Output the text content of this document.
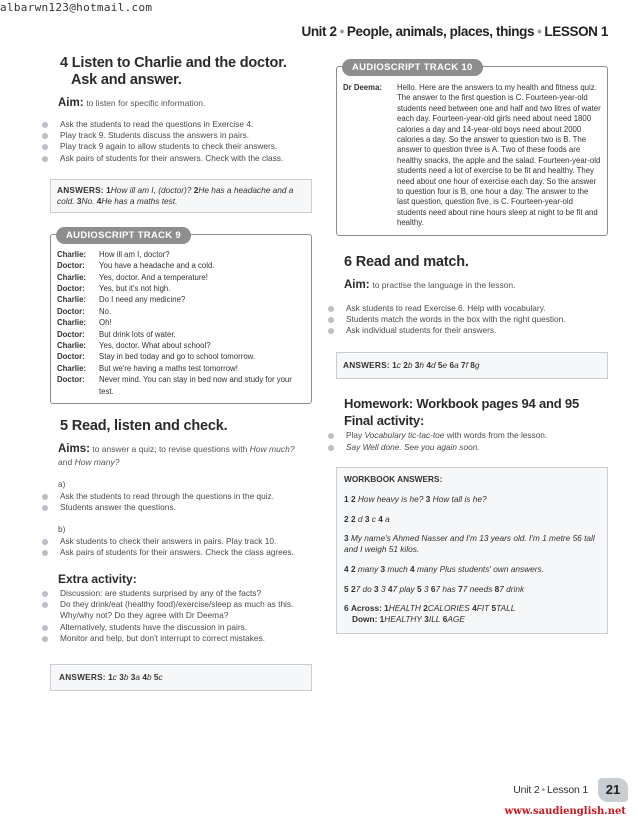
albarwn123@hotmail.com
Unit 2 • People, animals, places, things • LESSON 1
4 Listen to Charlie and the doctor.
Ask and answer.
Aim: to listen for specific information.
Ask the students to read the questions in Exercise 4.
Play track 9. Students discuss the answers in pairs.
Play track 9 again to allow students to check their answers.
Ask pairs of students for their answers. Check with the class.
ANSWERS: 1How ill am I, (doctor)? 2He has a headache and a cold. 3No. 4He has a maths test.
AUDIOSCRIPT TRACK 9
Charlie:	How ill am I, doctor?
Doctor:	You have a headache and a cold.
Charlie:	Yes, doctor. And a temperature!
Doctor:	Yes, but it's not high.
Charlie:	Do I need any medicine?
Doctor:	No.
Charlie:	Oh!
Doctor:	But drink lots of water.
Charlie:	Yes, doctor. What about school?
Doctor:	Stay in bed today and go to school tomorrow.
Charlie:	But we're having a maths test tomorrow!
Doctor:	Never mind. You can stay in bed now and study for your test.
5 Read, listen and check.
Aims: to answer a quiz; to revise questions with How much?
and How many?
a)
Ask the students to read through the questions in the quiz.
Students answer the questions.
b)
Ask students to check their answers in pairs. Play track 10.
Ask pairs of students for their answers. Check the class agrees.
Extra activity:
Discussion: are students surprised by any of the facts?
Do they drink/eat (healthy food)/exercise/sleep as much as this. Why/why not? Do they agree with Dr Deema?
Alternatively, students have the discussion in pairs.
Monitor and help, but don't interrupt to correct mistakes.
ANSWERS: 1c 3b 3a 4b 5c
AUDIOSCRIPT TRACK 10
Dr Deema:	Hello. Here are the answers to my health and fitness quiz. The answer to the first question is C. Fourteen-year-old students need between one and half and two litres of water each day. Fourteen-year-old girls need about need 1800 calories a day and 14-year-old boys need about 2000 calories a day. So the answer to question two is B. The answer to question three is A. Two of these foods are healthy snacks, the apple and the salad. Fourteen-year-old students need a lot of exercise to be fit and healthy. They need about one hour of exercise each day. So the answer to question four is B, one hour a day. The answer to the last question, question five, is C. Fourteen-year-old students need about nine hours sleep at night to be fit and healthy.
6 Read and match.
Aim: to practise the language in the lesson.
Ask students to read Exercise 6. Help with vocabulary.
Students match the words in the box with the right question.
Ask individual students for their answers.
ANSWERS: 1c 2b 3h 4d 5e 6a 7f 8g
Homework: Workbook pages 94 and 95
Final activity:
Play Vocabulary tic-tac-toe with words from the lesson.
Say Well done. See you again soon.
WORKBOOK ANSWERS:

1 2 How heavy is he? 3 How tall is he?

2 2 d 3 c 4 a

3 My name's Ahmed Nasser and I'm 13 years old. I'm 1 metre 56 tall and I weigh 51 kilos.

4 2 many 3 much 4 many Plus students' own answers.

5 27 do 3 3 47 play 5 3 67 has 77 needs 87 drink

6 Across: 1HEALTH 2CALORIES 4FIT 5TALL
Down: 1HEALTHY 3ILL 6AGE

Unit 2 • Lesson 1	21
www.saudienglish.net
